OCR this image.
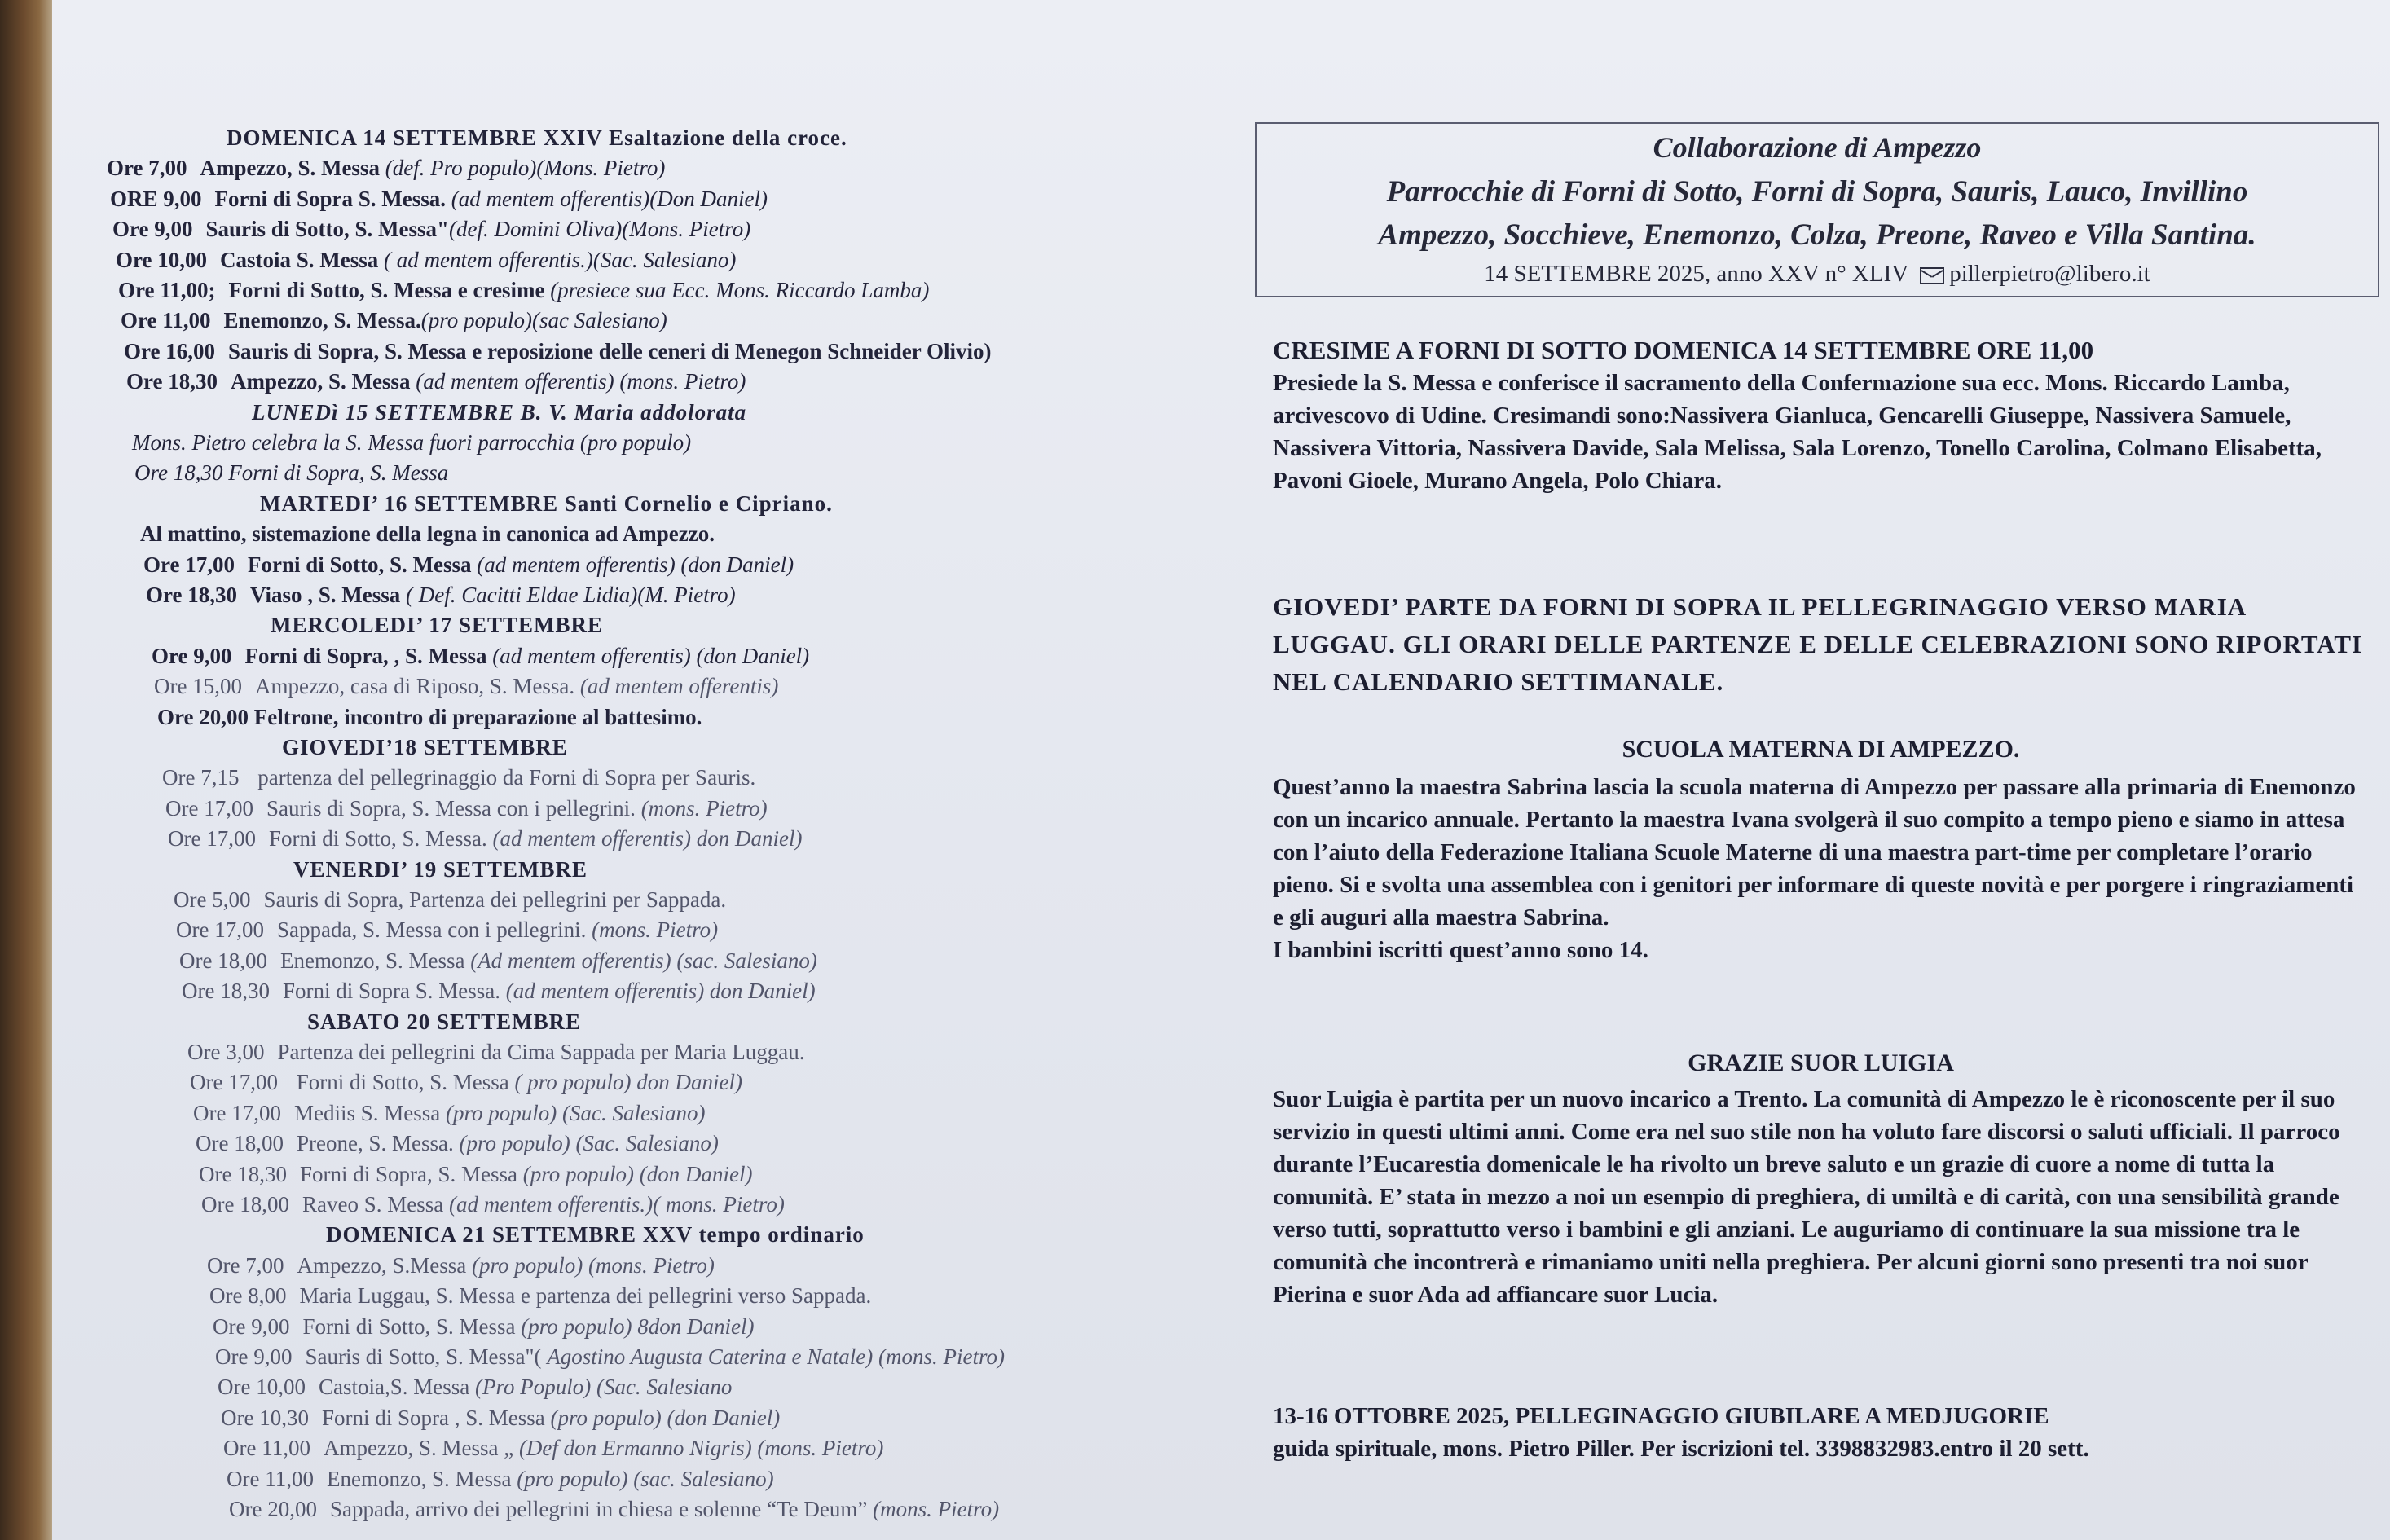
DOMENICA 14 SETTEMBRE XXIV Esaltazione della croce.
Ore 7,00 Ampezzo, S. Messa (def. Pro populo)(Mons. Pietro)
ORE 9,00 Forni di Sopra S. Messa. (ad mentem offerentis)(Don Daniel)
Ore 9,00 Sauris di Sotto, S. Messa"(def. Domini Oliva)(Mons. Pietro)
Ore 10,00 Castoia S. Messa ( ad mentem offerentis.)(Sac. Salesiano)
Ore 11,00; Forni di Sotto, S. Messa e cresime (presiece sua Ecc. Mons. Riccardo Lamba)
Ore 11,00 Enemonzo, S. Messa.(pro populo)(sac Salesiano)
Ore 16,00 Sauris di Sopra, S. Messa e reposizione delle ceneri di Menegon Schneider Olivio)
Ore 18,30 Ampezzo, S. Messa (ad mentem offerentis) (mons. Pietro)
LUNEDì 15 SETTEMBRE B. V. Maria addolorata
Mons. Pietro celebra la S. Messa fuori parrocchia (pro populo)
Ore 18,30 Forni di Sopra, S. Messa
MARTEDI’ 16 SETTEMBRE Santi Cornelio e Cipriano.
Al mattino, sistemazione della legna in canonica ad Ampezzo.
Ore 17,00 Forni di Sotto, S. Messa (ad mentem offerentis) (don Daniel)
Ore 18,30 Viaso , S. Messa ( Def. Cacitti Eldae Lidia)(M. Pietro)
MERCOLEDI’ 17 SETTEMBRE
Ore 9,00 Forni di Sopra, , S. Messa (ad mentem offerentis) (don Daniel)
Ore 15,00 Ampezzo, casa di Riposo, S. Messa. (ad mentem offerentis)
Ore 20,00 Feltrone, incontro di preparazione al battesimo.
GIOVEDI’18 SETTEMBRE
Ore 7,15 partenza del pellegrinaggio da Forni di Sopra per Sauris.
Ore 17,00 Sauris di Sopra, S. Messa con i pellegrini. (mons. Pietro)
Ore 17,00 Forni di Sotto, S. Messa. (ad mentem offerentis) don Daniel)
VENERDI’ 19 SETTEMBRE
Ore 5,00 Sauris di Sopra, Partenza dei pellegrini per Sappada.
Ore 17,00 Sappada, S. Messa con i pellegrini. (mons. Pietro)
Ore 18,00 Enemonzo, S. Messa (Ad mentem offerentis) (sac. Salesiano)
Ore 18,30 Forni di Sopra S. Messa. (ad mentem offerentis) don Daniel)
SABATO 20 SETTEMBRE
Ore 3,00 Partenza dei pellegrini da Cima Sappada per Maria Luggau.
Ore 17,00 Forni di Sotto, S. Messa ( pro populo) don Daniel)
Ore 17,00 Mediis S. Messa (pro populo) (Sac. Salesiano)
Ore 18,00 Preone, S. Messa. (pro populo) (Sac. Salesiano)
Ore 18,30 Forni di Sopra, S. Messa (pro populo) (don Daniel)
Ore 18,00 Raveo S. Messa (ad mentem offerentis.)( mons. Pietro)
DOMENICA 21 SETTEMBRE XXV tempo ordinario
Ore 7,00 Ampezzo, S.Messa (pro populo) (mons. Pietro)
Ore 8,00 Maria Luggau, S. Messa e partenza dei pellegrini verso Sappada.
Ore 9,00 Forni di Sotto, S. Messa (pro populo) 8don Daniel)
Ore 9,00 Sauris di Sotto, S. Messa"( Agostino Augusta Caterina e Natale) (mons. Pietro)
Ore 10,00 Castoia,S. Messa (Pro Populo) (Sac. Salesiano
Ore 10,30 Forni di Sopra , S. Messa (pro populo) (don Daniel)
Ore 11,00 Ampezzo, S. Messa „ (Def don Ermanno Nigris) (mons. Pietro)
Ore 11,00 Enemonzo, S. Messa (pro populo) (sac. Salesiano)
Ore 20,00 Sappada, arrivo dei pellegrini in chiesa e solenne “Te Deum” (mons. Pietro)
Collaborazione di Ampezzo
Parrocchie di Forni di Sotto, Forni di Sopra, Sauris, Lauco, Invillino
Ampezzo, Socchieve, Enemonzo, Colza, Preone, Raveo e Villa Santina.
14 SETTEMBRE 2025, anno XXV n° XLIV pillerpietro@libero.it

CRESIME A FORNI DI SOTTO DOMENICA 14 SETTEMBRE ORE 11,00

Presiede la S. Messa e conferisce il sacramento della Confermazione sua ecc. Mons. Riccardo Lamba, arcivescovo di Udine. Cresimandi sono:Nassivera Gianluca, Gencarelli Giuseppe, Nassivera Samuele, Nassivera Vittoria, Nassivera Davide, Sala Melissa, Sala Lorenzo, Tonello Carolina, Colmano Elisabetta, Pavoni Gioele, Murano Angela, Polo Chiara.

GIOVEDI’ PARTE DA FORNI DI SOPRA IL PELLEGRINAGGIO VERSO MARIA LUGGAU. GLI ORARI DELLE PARTENZE E DELLE CELEBRAZIONI SONO RIPORTATI NEL CALENDARIO SETTIMANALE.

SCUOLA MATERNA DI AMPEZZO.

Quest’anno la maestra Sabrina lascia la scuola materna di Ampezzo per passare alla primaria di Enemonzo con un incarico annuale. Pertanto la maestra Ivana svolgerà il suo compito a tempo pieno e siamo in attesa con l’aiuto della Federazione Italiana Scuole Materne di una maestra part-time per completare l’orario pieno. Si e svolta una assemblea con i genitori per informare di queste novità e per porgere i ringraziamenti e gli auguri alla maestra Sabrina.

I bambini iscritti quest’anno sono 14.

GRAZIE SUOR LUIGIA

Suor Luigia è partita per un nuovo incarico a Trento. La comunità di Ampezzo le è riconoscente per il suo servizio in questi ultimi anni. Come era nel suo stile non ha voluto fare discorsi o saluti ufficiali. Il parroco durante l’Eucarestia domenicale le ha rivolto un breve saluto e un grazie di cuore a nome di tutta la comunità. E’ stata in mezzo a noi un esempio di preghiera, di umiltà e di carità, con una sensibilità grande verso tutti, soprattutto verso i bambini e gli anziani. Le auguriamo di continuare la sua missione tra le comunità che incontrerà e rimaniamo uniti nella preghiera. Per alcuni giorni sono presenti tra noi suor Pierina e suor Ada ad affiancare suor Lucia.

13-16 OTTOBRE 2025, PELLEGINAGGIO GIUBILARE A MEDJUGORIE

guida spirituale, mons. Pietro Piller. Per iscrizioni tel. 3398832983.entro il 20 sett.
